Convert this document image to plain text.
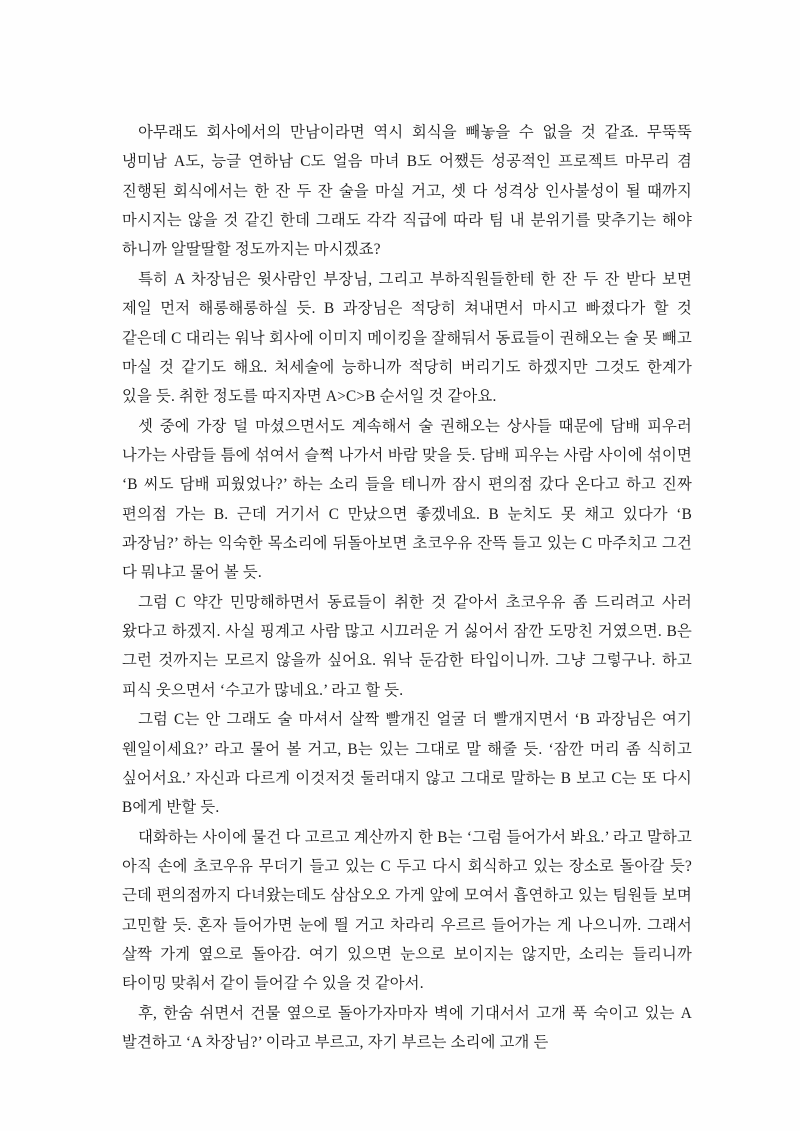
아무래도 회사에서의 만남이라면 역시 회식을 빼놓을 수 없을 것 같죠. 무뚝뚝 냉미남 A도, 능글 연하남 C도 얼음 마녀 B도 어쨌든 성공적인 프로젝트 마무리 겸 진행된 회식에서는 한 잔 두 잔 술을 마실 거고, 셋 다 성격상 인사불성이 될 때까지 마시지는 않을 것 같긴 한데 그래도 각각 직급에 따라 팀 내 분위기를 맞추기는 해야 하니까 알딸딸할 정도까지는 마시겠죠?

특히 A 차장님은 윗사람인 부장님, 그리고 부하직원들한테 한 잔 두 잔 받다 보면 제일 먼저 해롱해롱하실 듯. B 과장님은 적당히 쳐내면서 마시고 빠졌다가 할 것 같은데 C 대리는 워낙 회사에 이미지 메이킹을 잘해둬서 동료들이 권해오는 술 못 빼고 마실 것 같기도 해요. 처세술에 능하니까 적당히 버리기도 하겠지만 그것도 한계가 있을 듯. 취한 정도를 따지자면 A>C>B 순서일 것 같아요.

셋 중에 가장 덜 마셨으면서도 계속해서 술 권해오는 상사들 때문에 담배 피우러 나가는 사람들 틈에 섞여서 슬쩍 나가서 바람 맞을 듯. 담배 피우는 사람 사이에 섞이면 ‘B 씨도 담배 피웠었나?’ 하는 소리 들을 테니까 잠시 편의점 갔다 온다고 하고 진짜 편의점 가는 B. 근데 거기서 C 만났으면 좋겠네요. B 눈치도 못 채고 있다가 ‘B 과장님?’ 하는 익숙한 목소리에 뒤돌아보면 초코우유 잔뜩 들고 있는 C 마주치고 그건 다 뭐냐고 물어 볼 듯.

그럼 C 약간 민망해하면서 동료들이 취한 것 같아서 초코우유 좀 드리려고 사러 왔다고 하겠지. 사실 핑계고 사람 많고 시끄러운 거 싫어서 잠깐 도망친 거였으면. B은 그런 것까지는 모르지 않을까 싶어요. 워낙 둔감한 타입이니까. 그냥 그렇구나. 하고 피식 웃으면서 ‘수고가 많네요.’ 라고 할 듯.

그럼 C는 안 그래도 술 마셔서 살짝 빨개진 얼굴 더 빨개지면서 ‘B 과장님은 여기 웬일이세요?’ 라고 물어 볼 거고, B는 있는 그대로 말 해줄 듯. ‘잠깐 머리 좀 식히고 싶어서요.’ 자신과 다르게 이것저것 둘러대지 않고 그대로 말하는 B 보고 C는 또 다시 B에게 반할 듯.

대화하는 사이에 물건 다 고르고 계산까지 한 B는 ‘그럼 들어가서 봐요.’ 라고 말하고 아직 손에 초코우유 무더기 들고 있는 C 두고 다시 회식하고 있는 장소로 돌아갈 듯? 근데 편의점까지 다녀왔는데도 삼삼오오 가게 앞에 모여서 흡연하고 있는 팀원들 보며 고민할 듯. 혼자 들어가면 눈에 띌 거고 차라리 우르르 들어가는 게 나으니까. 그래서 살짝 가게 옆으로 돌아감. 여기 있으면 눈으로 보이지는 않지만, 소리는 들리니까 타이밍 맞춰서 같이 들어갈 수 있을 것 같아서.

후, 한숨 쉬면서 건물 옆으로 돌아가자마자 벽에 기대서서 고개 푹 숙이고 있는 A 발견하고 ‘A 차장님?’ 이라고 부르고, 자기 부르는 소리에 고개 든
